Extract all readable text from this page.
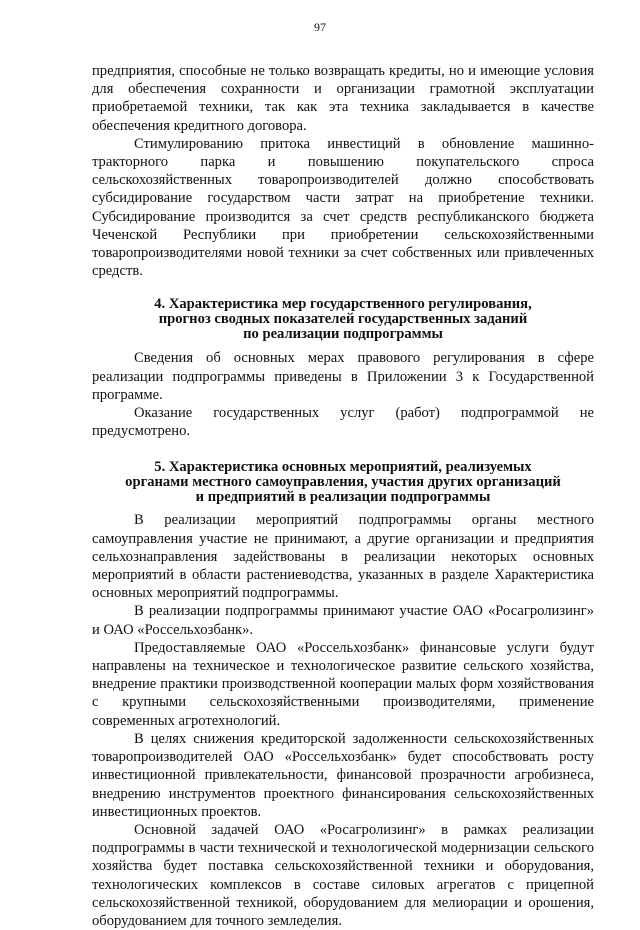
97

предприятия, способные не только возвращать кредиты, но и имеющие условия для обеспечения сохранности и организации грамотной эксплуатации приобретаемой техники, так как эта техника закладывается в качестве обеспечения кредитного договора.

Стимулированию притока инвестиций в обновление машинно-тракторного парка и повышению покупательского спроса сельскохозяйственных товаропроизводителей должно способствовать субсидирование государством части затрат на приобретение техники. Субсидирование производится за счет средств республиканского бюджета Чеченской Республики при приобретении сельскохозяйственными товаропроизводителями новой техники за счет собственных или привлеченных средств.

4. Характеристика мер государственного регулирования,
прогноз сводных показателей государственных заданий
по реализации подпрограммы

Сведения об основных мерах правового регулирования в сфере реализации подпрограммы приведены в Приложении 3 к Государственной программе.

Оказание государственных услуг (работ) подпрограммой не предусмотрено.

5. Характеристика основных мероприятий, реализуемых
органами местного самоуправления, участия других организаций
и предприятий в реализации подпрограммы

В реализации мероприятий подпрограммы органы местного самоуправления участие не принимают, а другие организации и предприятия сельхознаправления задействованы в реализации некоторых основных мероприятий в области растениеводства, указанных в разделе Характеристика основных мероприятий подпрограммы.

В реализации подпрограммы принимают участие ОАО «Росагролизинг» и ОАО «Россельхозбанк».

Предоставляемые ОАО «Россельхозбанк» финансовые услуги будут направлены на техническое и технологическое развитие сельского хозяйства, внедрение практики производственной кооперации малых форм хозяйствования с крупными сельскохозяйственными производителями, применение современных агротехнологий.

В целях снижения кредиторской задолженности сельскохозяйственных товаропроизводителей ОАО «Россельхозбанк» будет способствовать росту инвестиционной привлекательности, финансовой прозрачности агробизнеса, внедрению инструментов проектного финансирования сельскохозяйственных инвестиционных проектов.

Основной задачей ОАО «Росагролизинг» в рамках реализации подпрограммы в части технической и технологической модернизации сельского хозяйства будет поставка сельскохозяйственной техники и оборудования, технологических комплексов в составе силовых агрегатов с прицепной сельскохозяйственной техникой, оборудованием для мелиорации и орошения, оборудованием для точного земледелия.
